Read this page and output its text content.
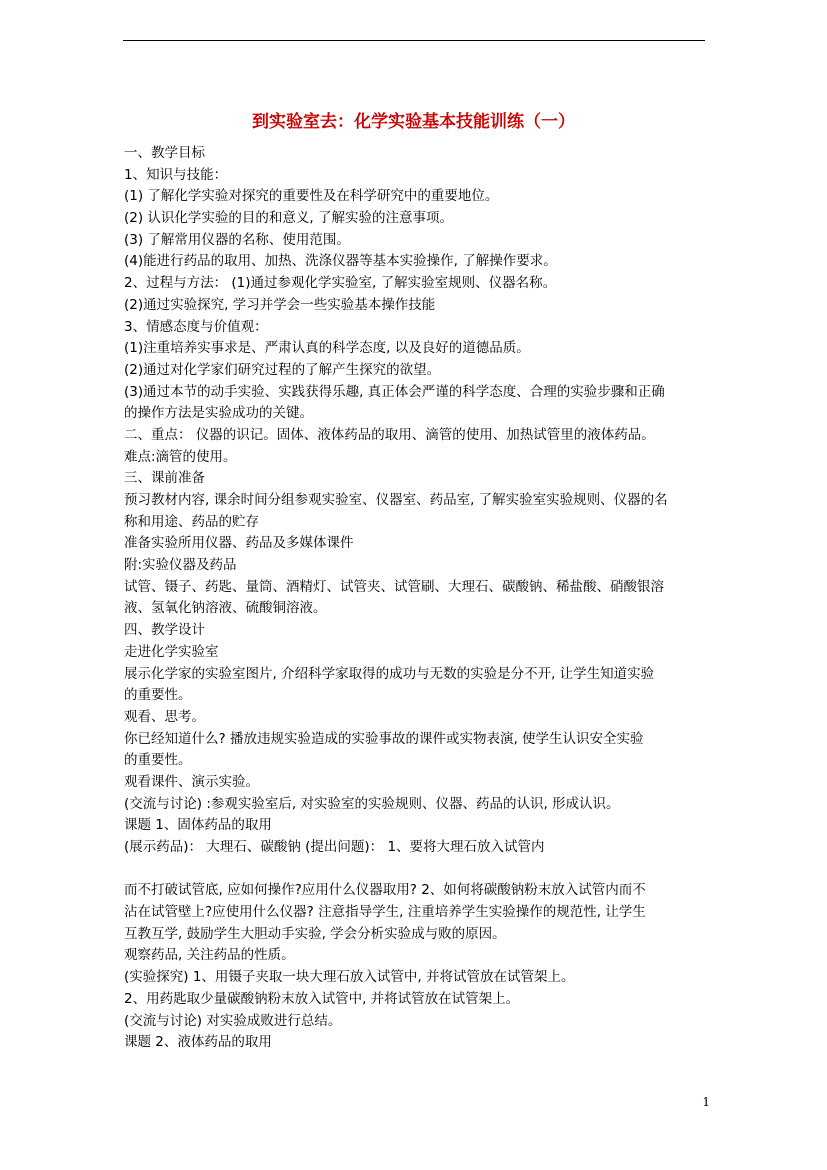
到实验室去：化学实验基本技能训练（一）
一、教学目标
1、知识与技能：
(1) 了解化学实验对探究的重要性及在科学研究中的重要地位。
(2) 认识化学实验的目的和意义, 了解实验的注意事项。
(3) 了解常用仪器的名称、使用范围。
(4)能进行药品的取用、加热、洗涤仪器等基本实验操作, 了解操作要求。
2、过程与方法： (1)通过参观化学实验室, 了解实验室规则、仪器名称。
(2)通过实验探究, 学习并学会一些实验基本操作技能
3、情感态度与价值观：
(1)注重培养实事求是、严肃认真的科学态度, 以及良好的道德品质。
(2)通过对化学家们研究过程的了解产生探究的欲望。
(3)通过本节的动手实验、实践获得乐趣, 真正体会严谨的科学态度、合理的实验步骤和正确
的操作方法是实验成功的关键。
二、重点： 仪器的识记。固体、液体药品的取用、滴管的使用、加热试管里的液体药品。
难点:滴管的使用。
三、课前准备
预习教材内容, 课余时间分组参观实验室、仪器室、药品室, 了解实验室实验规则、仪器的名
称和用途、药品的贮存
准备实验所用仪器、药品及多媒体课件
附:实验仪器及药品
试管、镊子、药匙、量筒、酒精灯、试管夹、试管刷、大理石、碳酸钠、稀盐酸、硝酸银溶
液、氢氧化钠溶液、硫酸铜溶液。
四、教学设计
走进化学实验室
展示化学家的实验室图片, 介绍科学家取得的成功与无数的实验是分不开, 让学生知道实验
的重要性。
观看、思考。
你已经知道什么? 播放违规实验造成的实验事故的课件或实物表演, 使学生认识安全实验
的重要性。
观看课件、演示实验。
(交流与讨论) :参观实验室后, 对实验室的实验规则、仪器、药品的认识, 形成认识。
课题 1、固体药品的取用
(展示药品)： 大理石、碳酸钠 (提出问题)： 1、要将大理石放入试管内
而不打破试管底, 应如何操作?应用什么仪器取用? 2、如何将碳酸钠粉末放入试管内而不
沾在试管壁上?应使用什么仪器? 注意指导学生, 注重培养学生实验操作的规范性, 让学生
互教互学, 鼓励学生大胆动手实验, 学会分析实验成与败的原因。
观察药品, 关注药品的性质。
(实验探究) 1、用镊子夹取一块大理石放入试管中, 并将试管放在试管架上。
2、用药匙取少量碳酸钠粉末放入试管中, 并将试管放在试管架上。
(交流与讨论) 对实验成败进行总结。
课题 2、液体药品的取用
1
